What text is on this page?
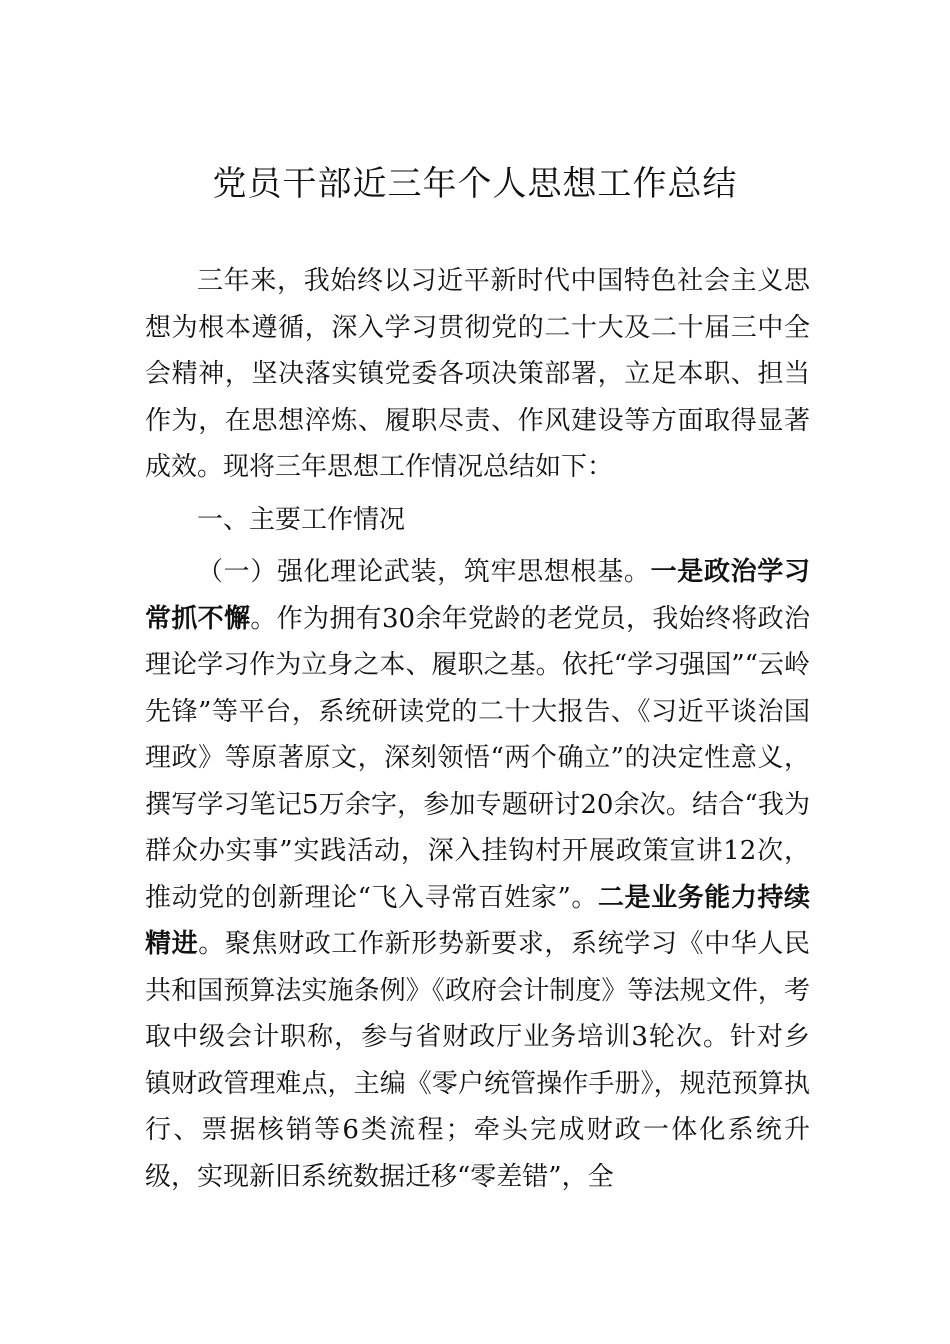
党员干部近三年个人思想工作总结

三年来，我始终以习近平新时代中国特色社会主义思想为根本遵循，深入学习贯彻党的二十大及二十届三中全会精神，坚决落实镇党委各项决策部署，立足本职、担当作为，在思想淬炼、履职尽责、作风建设等方面取得显著成效。现将三年思想工作情况总结如下：

一、主要工作情况

（一）强化理论武装，筑牢思想根基。一是政治学习常抓不懈。作为拥有30余年党龄的老党员，我始终将政治理论学习作为立身之本、履职之基。依托“学习强国”“云岭先锋”等平台，系统研读党的二十大报告、《习近平谈治国理政》等原著原文，深刻领悟“两个确立”的决定性意义，撰写学习笔记5万余字，参加专题研讨20余次。结合“我为群众办实事”实践活动，深入挂钩村开展政策宣讲12次，推动党的创新理论“飞入寻常百姓家”。二是业务能力持续精进。聚焦财政工作新形势新要求，系统学习《中华人民共和国预算法实施条例》《政府会计制度》等法规文件，考取中级会计职称，参与省财政厅业务培训3轮次。针对乡镇财政管理难点，主编《零户统管操作手册》，规范预算执行、票据核销等6类流程；牵头完成财政一体化系统升级，实现新旧系统数据迁移“零差错”，全
